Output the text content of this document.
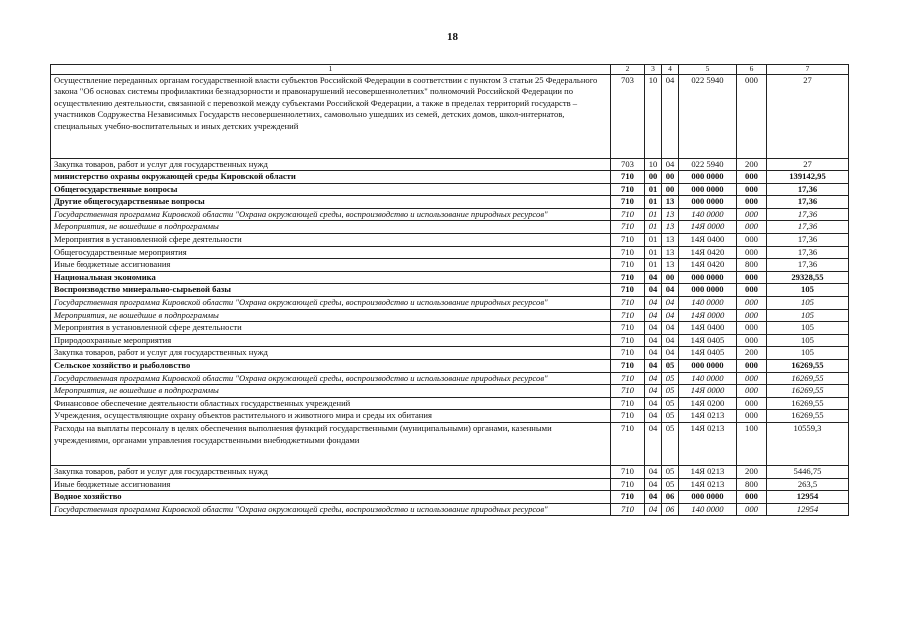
18
1	2	3	4	5	6	7
Осуществление переданных органам государственной власти субъектов Российской Федерации в соответствии с пунктом 3 статьи 25 Федерального закона "Об основах системы профилактики безнадзорности и правонарушений несовершеннолетних" полномочий Российской Федерации по осуществлению деятельности, связанной с перевозкой между субъектами Российской Федерации, а также в пределах территорий государств – участников Содружества Независимых Государств несовершеннолетних, самовольно ушедших из семей, детских домов, школ-интернатов, специальных учебно-воспитательных и иных детских учреждений	703	10	04	022 5940	000	27
Закупка товаров, работ и услуг для государственных нужд	703	10	04	022 5940	200	27
министерство охраны окружающей среды Кировской области	710	00	00	000 0000	000	139142,95
Общегосударственные вопросы	710	01	00	000 0000	000	17,36
Другие общегосударственные вопросы	710	01	13	000 0000	000	17,36
Государственная программа Кировской области "Охрана окружающей среды, воспроизводство и использование природных ресурсов"	710	01	13	140 0000	000	17,36
Мероприятия, не вошедшие в подпрограммы	710	01	13	14Я 0000	000	17,36
Мероприятия в установленной сфере деятельности	710	01	13	14Я 0400	000	17,36
Общегосударственные мероприятия	710	01	13	14Я 0420	000	17,36
Иные бюджетные ассигнования	710	01	13	14Я 0420	800	17,36
Национальная экономика	710	04	00	000 0000	000	29328,55
Воспроизводство минерально-сырьевой базы	710	04	04	000 0000	000	105
Государственная программа Кировской области "Охрана окружающей среды, воспроизводство и использование природных ресурсов"	710	04	04	140 0000	000	105
Мероприятия, не вошедшие в подпрограммы	710	04	04	14Я 0000	000	105
Мероприятия в установленной сфере деятельности	710	04	04	14Я 0400	000	105
Природоохранные мероприятия	710	04	04	14Я 0405	000	105
Закупка товаров, работ и услуг для государственных нужд	710	04	04	14Я 0405	200	105
Сельское хозяйство и рыболовство	710	04	05	000 0000	000	16269,55
Государственная программа Кировской области "Охрана окружающей среды, воспроизводство и использование природных ресурсов"	710	04	05	140 0000	000	16269,55
Мероприятия, не вошедшие в подпрограммы	710	04	05	14Я 0000	000	16269,55
Финансовое обеспечение деятельности областных государственных учреждений	710	04	05	14Я 0200	000	16269,55
Учреждения, осуществляющие охрану объектов растительного и животного мира и среды их обитания	710	04	05	14Я 0213	000	16269,55
Расходы на выплаты персоналу в целях обеспечения выполнения функций государственными (муниципальными) органами, казенными учреждениями, органами управления государственными внебюджетными фондами	710	04	05	14Я 0213	100	10559,3
Закупка товаров, работ и услуг для государственных нужд	710	04	05	14Я 0213	200	5446,75
Иные бюджетные ассигнования	710	04	05	14Я 0213	800	263,5
Водное хозяйство	710	04	06	000 0000	000	12954
Государственная программа Кировской области "Охрана окружающей среды, воспроизводство и использование природных ресурсов"	710	04	06	140 0000	000	12954
